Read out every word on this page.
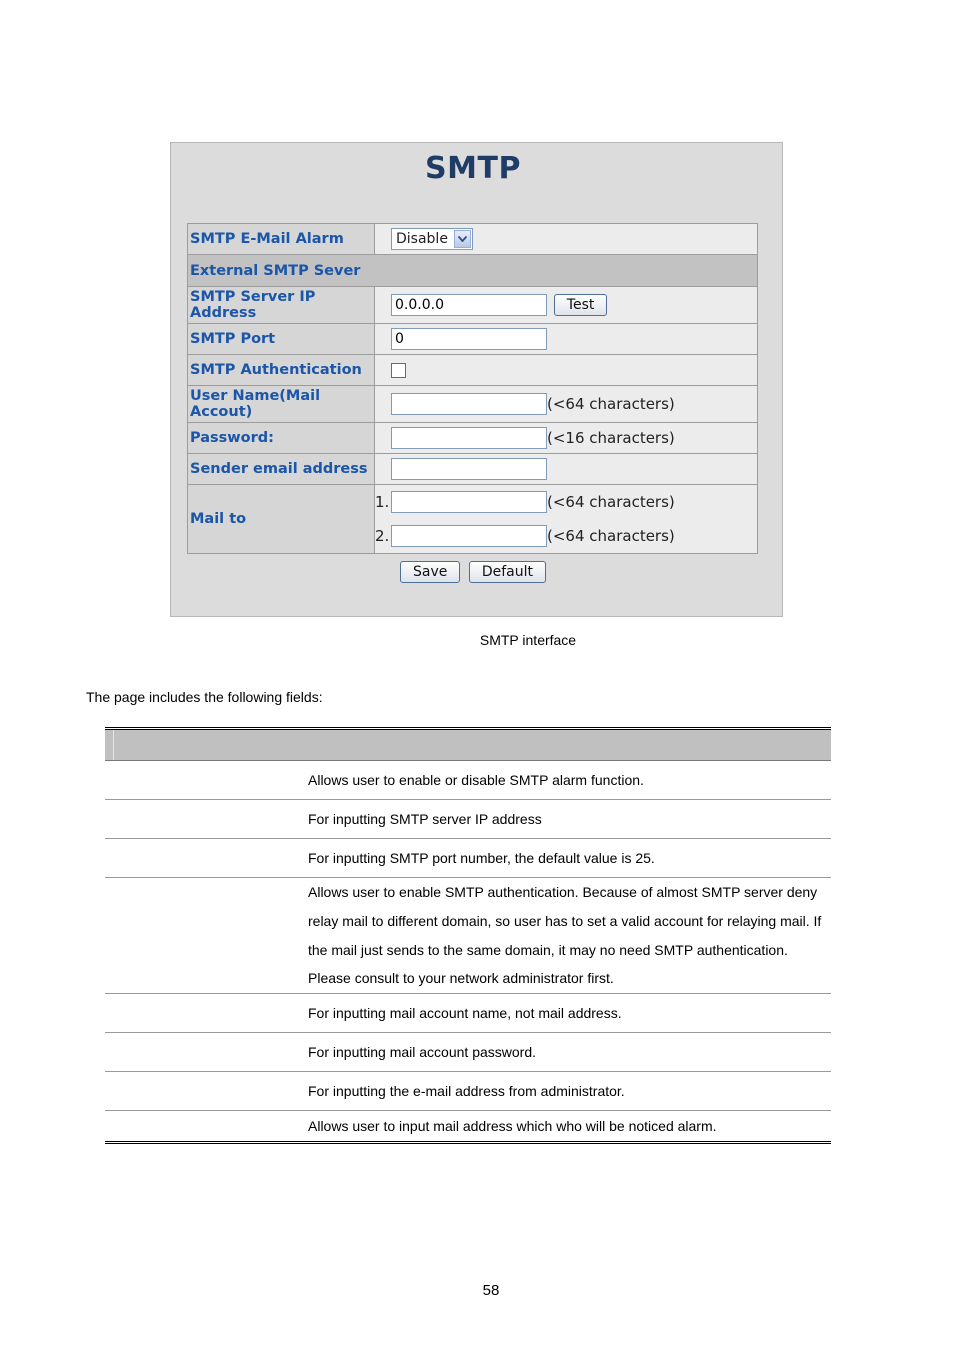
SMTP
SMTP E-Mail Alarm	Disable

External SMTP Sever	
SMTP Server IP Address	0.0.0.0 Test
SMTP Port	0
SMTP Authentication	
User Name(Mail Accout)	(<64 characters)
Password:	(<16 characters)
Sender email address	
Mail to	1. (<64 characters)
2. (<64 characters)
Save Default
SMTP interface
The page includes the following fields:
Allows user to enable or disable SMTP alarm function.
For inputting SMTP server IP address
For inputting SMTP port number, the default value is 25.
Allows user to enable SMTP authentication. Because of almost SMTP server deny relay mail to different domain, so user has to set a valid account for relaying mail. If the mail just sends to the same domain, it may no need SMTP authentication. Please consult to your network administrator first.
For inputting mail account name, not mail address.
For inputting mail account password.
For inputting the e-mail address from administrator.
Allows user to input mail address which who will be noticed alarm.
58
